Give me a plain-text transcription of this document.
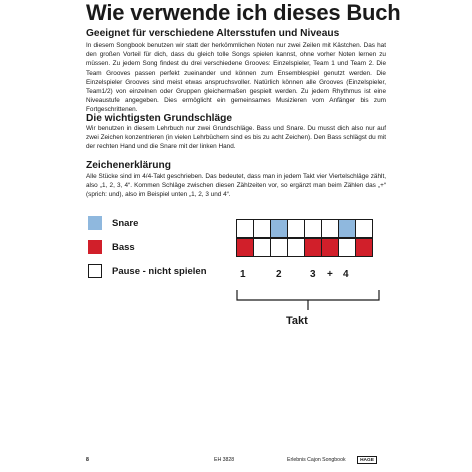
Wie verwende ich dieses Buch
Geeignet für verschiedene Altersstufen und Niveaus

In diesem Songbook benutzen wir statt der herkömmlichen Noten nur zwei Zeilen mit Kästchen. Das hat den großen Vorteil für dich, dass du gleich tolle Songs spielen kannst, ohne vorher Noten lernen zu müssen. Zu jedem Song findest du drei verschiedene Grooves: Einzelspieler, Team 1 und Team 2. Die Team Grooves passen perfekt zueinander und können zum Ensemblespiel genutzt werden. Die Einzelspieler Grooves sind meist etwas anspruchsvoller. Natürlich können alle Grooves (Einzelspieler, Team1/2) von einzelnen oder Gruppen gleichermaßen gespielt werden. Zu jedem Rhythmus ist eine Niveaustufe angegeben. Dies ermöglicht ein gemeinsames Musizieren vom Anfänger bis zum Fortgeschrittenen.

Die wichtigsten Grundschläge

Wir benutzen in diesem Lehrbuch nur zwei Grundschläge. Bass und Snare. Du musst dich also nur auf zwei Zeichen konzentrieren (in vielen Lehrbüchern sind es bis zu acht Zeichen). Den Bass schlägst du mit der rechten Hand und die Snare mit der linken Hand.

Zeichenerklärung

Alle Stücke sind im 4/4-Takt geschrieben. Das bedeutet, dass man in jedem Takt vier Viertelschläge zählt, also „1, 2, 3, 4“. Kommen Schläge zwischen diesen Zählzeiten vor, so ergänzt man beim Zählen das „+“ (sprich: und), also im Beispiel unten „1, 2, 3 und 4“.

Snare
Bass
Pause - nicht spielen	1	2	3 + 4
Takt
8	EH 3828	Erlebnis Cajon Songbook	HAGE
